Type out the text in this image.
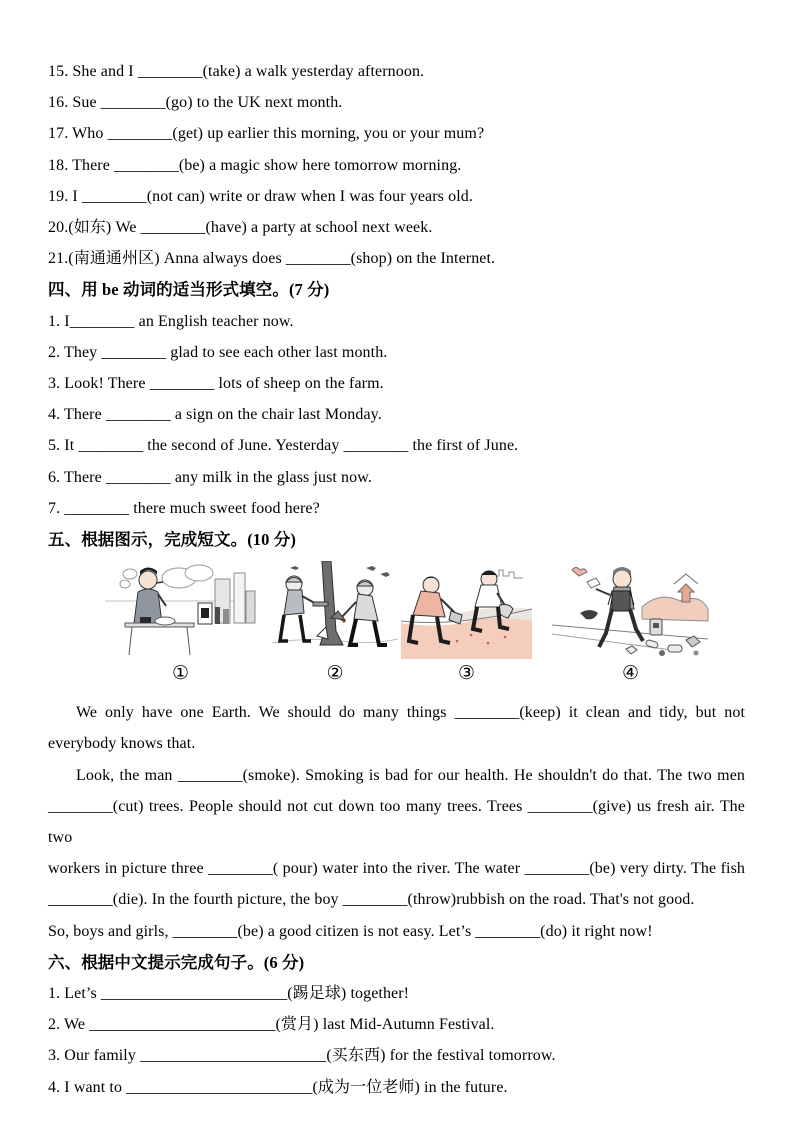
15. She and I ________(take) a walk yesterday afternoon.
16. Sue ________(go) to the UK next month.
17. Who ________(get) up earlier this morning, you or your mum?
18. There ________(be) a magic show here tomorrow morning.
19. I ________(not can) write or draw when I was four years old.
20.(如东) We ________(have) a party at school next week.
21.(南通通州区) Anna always does ________(shop) on the Internet.
四、用 be 动词的适当形式填空。(7 分)
1. I________ an English teacher now.
2. They ________ glad to see each other last month.
3. Look! There ________ lots of sheep on the farm.
4. There ________ a sign on the chair last Monday.
5. It ________ the second of June. Yesterday ________ the first of June.
6. There ________ any milk in the glass just now.
7. ________ there much sweet food here?
五、根据图示，完成短文。(10 分)
①	②	③	④
We only have one Earth. We should do many things ________(keep) it clean and tidy, but not
everybody knows that.
Look, the man ________(smoke). Smoking is bad for our health. He shouldn't do that. The two men
________(cut) trees. People should not cut down too many trees. Trees ________(give) us fresh air. The two
workers in picture three ________( pour) water into the river. The water ________(be) very dirty. The fish
________(die). In the fourth picture, the boy ________(throw)rubbish on the road. That's not good.
So, boys and girls, ________(be) a good citizen is not easy. Let’s ________(do) it right now!
六、根据中文提示完成句子。(6 分)
1. Let’s _______________________(踢足球) together!
2. We _______________________(赏月) last Mid-Autumn Festival.
3. Our family _______________________(买东西) for the festival tomorrow.
4. I want to _______________________(成为一位老师) in the future.
